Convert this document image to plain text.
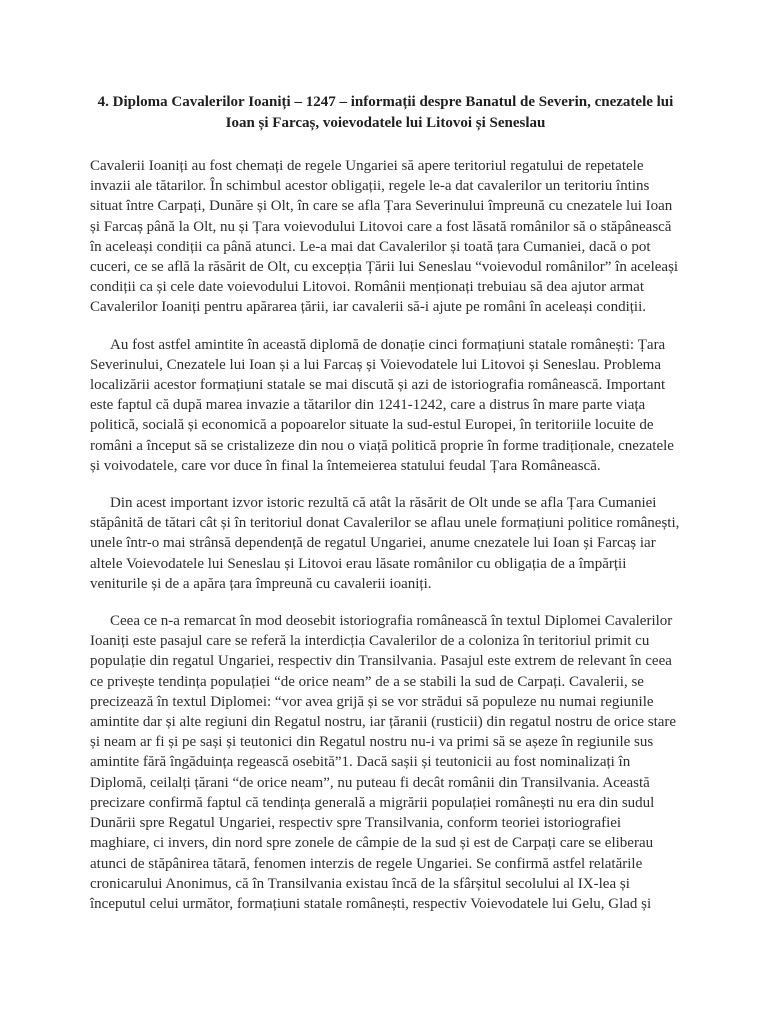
4. Diploma Cavalerilor Ioaniți – 1247 – informații despre Banatul de Severin, cnezatele lui Ioan și Farcaș, voievodatele lui Litovoi și Seneslau

Cavalerii Ioaniți au fost chemați de regele Ungariei să apere teritoriul regatului de repetatele invazii ale tătarilor. În schimbul acestor obligații, regele le-a dat cavalerilor un teritoriu întins situat între Carpați, Dunăre și Olt, în care se afla Țara Severinului împreună cu cnezatele lui Ioan și Farcaș până la Olt, nu și Țara voievodului Litovoi care a fost lăsată românilor să o stăpânească în aceleași condiții ca până atunci. Le-a mai dat Cavalerilor și toată țara Cumaniei, dacă o pot cuceri, ce se află la răsărit de Olt, cu excepția Țării lui Seneslau “voievodul românilor” în aceleași condiții ca și cele date voievodului Litovoi. Românii menționați trebuiau să dea ajutor armat Cavalerilor Ioaniți pentru apărarea țării, iar cavalerii să-i ajute pe români în aceleași condiții.

Au fost astfel amintite în această diplomă de donație cinci formațiuni statale românești: Țara Severinului, Cnezatele lui Ioan și a lui Farcaș și Voievodatele lui Litovoi și Seneslau. Problema localizării acestor formațiuni statale se mai discută și azi de istoriografia românească. Important este faptul că după marea invazie a tătarilor din 1241-1242, care a distrus în mare parte viața politică, socială și economică a popoarelor situate la sud-estul Europei, în teritoriile locuite de români a început să se cristalizeze din nou o viață politică proprie în forme tradiționale, cnezatele și voivodatele, care vor duce în final la întemeierea statului feudal Țara Românească.

Din acest important izvor istoric rezultă că atât la răsărit de Olt unde se afla Țara Cumaniei stăpânită de tătari cât și în teritoriul donat Cavalerilor se aflau unele formațiuni politice românești, unele într-o mai strânsă dependență de regatul Ungariei, anume cnezatele lui Ioan și Farcaș iar altele Voievodatele lui Seneslau și Litovoi erau lăsate românilor cu obligația de a împărții veniturile și de a apăra țara împreună cu cavalerii ioaniți.

Ceea ce n-a remarcat în mod deosebit istoriografia românească în textul Diplomei Cavalerilor Ioaniți este pasajul care se referă la interdicția Cavalerilor de a coloniza în teritoriul primit cu populație din regatul Ungariei, respectiv din Transilvania. Pasajul este extrem de relevant în ceea ce privește tendința populației “de orice neam” de a se stabili la sud de Carpați. Cavalerii, se precizează în textul Diplomei: “vor avea grijă și se vor strădui să populeze nu numai regiunile amintite dar și alte regiuni din Regatul nostru, iar țăranii (rusticii) din regatul nostru de orice stare și neam ar fi și pe sași și teutonici din Regatul nostru nu-i va primi să se așeze în regiunile sus amintite fără îngăduința regească osebită”1. Dacă sașii și teutonicii au fost nominalizați în Diplomă, ceilalți țărani “de orice neam”, nu puteau fi decât românii din Transilvania. Această precizare confirmă faptul că tendința generală a migrării populației românești nu era din sudul Dunării spre Regatul Ungariei, respectiv spre Transilvania, conform teoriei istoriografiei maghiare, ci invers, din nord spre zonele de câmpie de la sud și est de Carpați care se eliberau atunci de stăpânirea tătară, fenomen interzis de regele Ungariei. Se confirmă astfel relatările cronicarului Anonimus, că în Transilvania existau încă de la sfârșitul secolului al IX-lea și începutul celui următor, formațiuni statale românești, respectiv Voievodatele lui Gelu, Glad și
